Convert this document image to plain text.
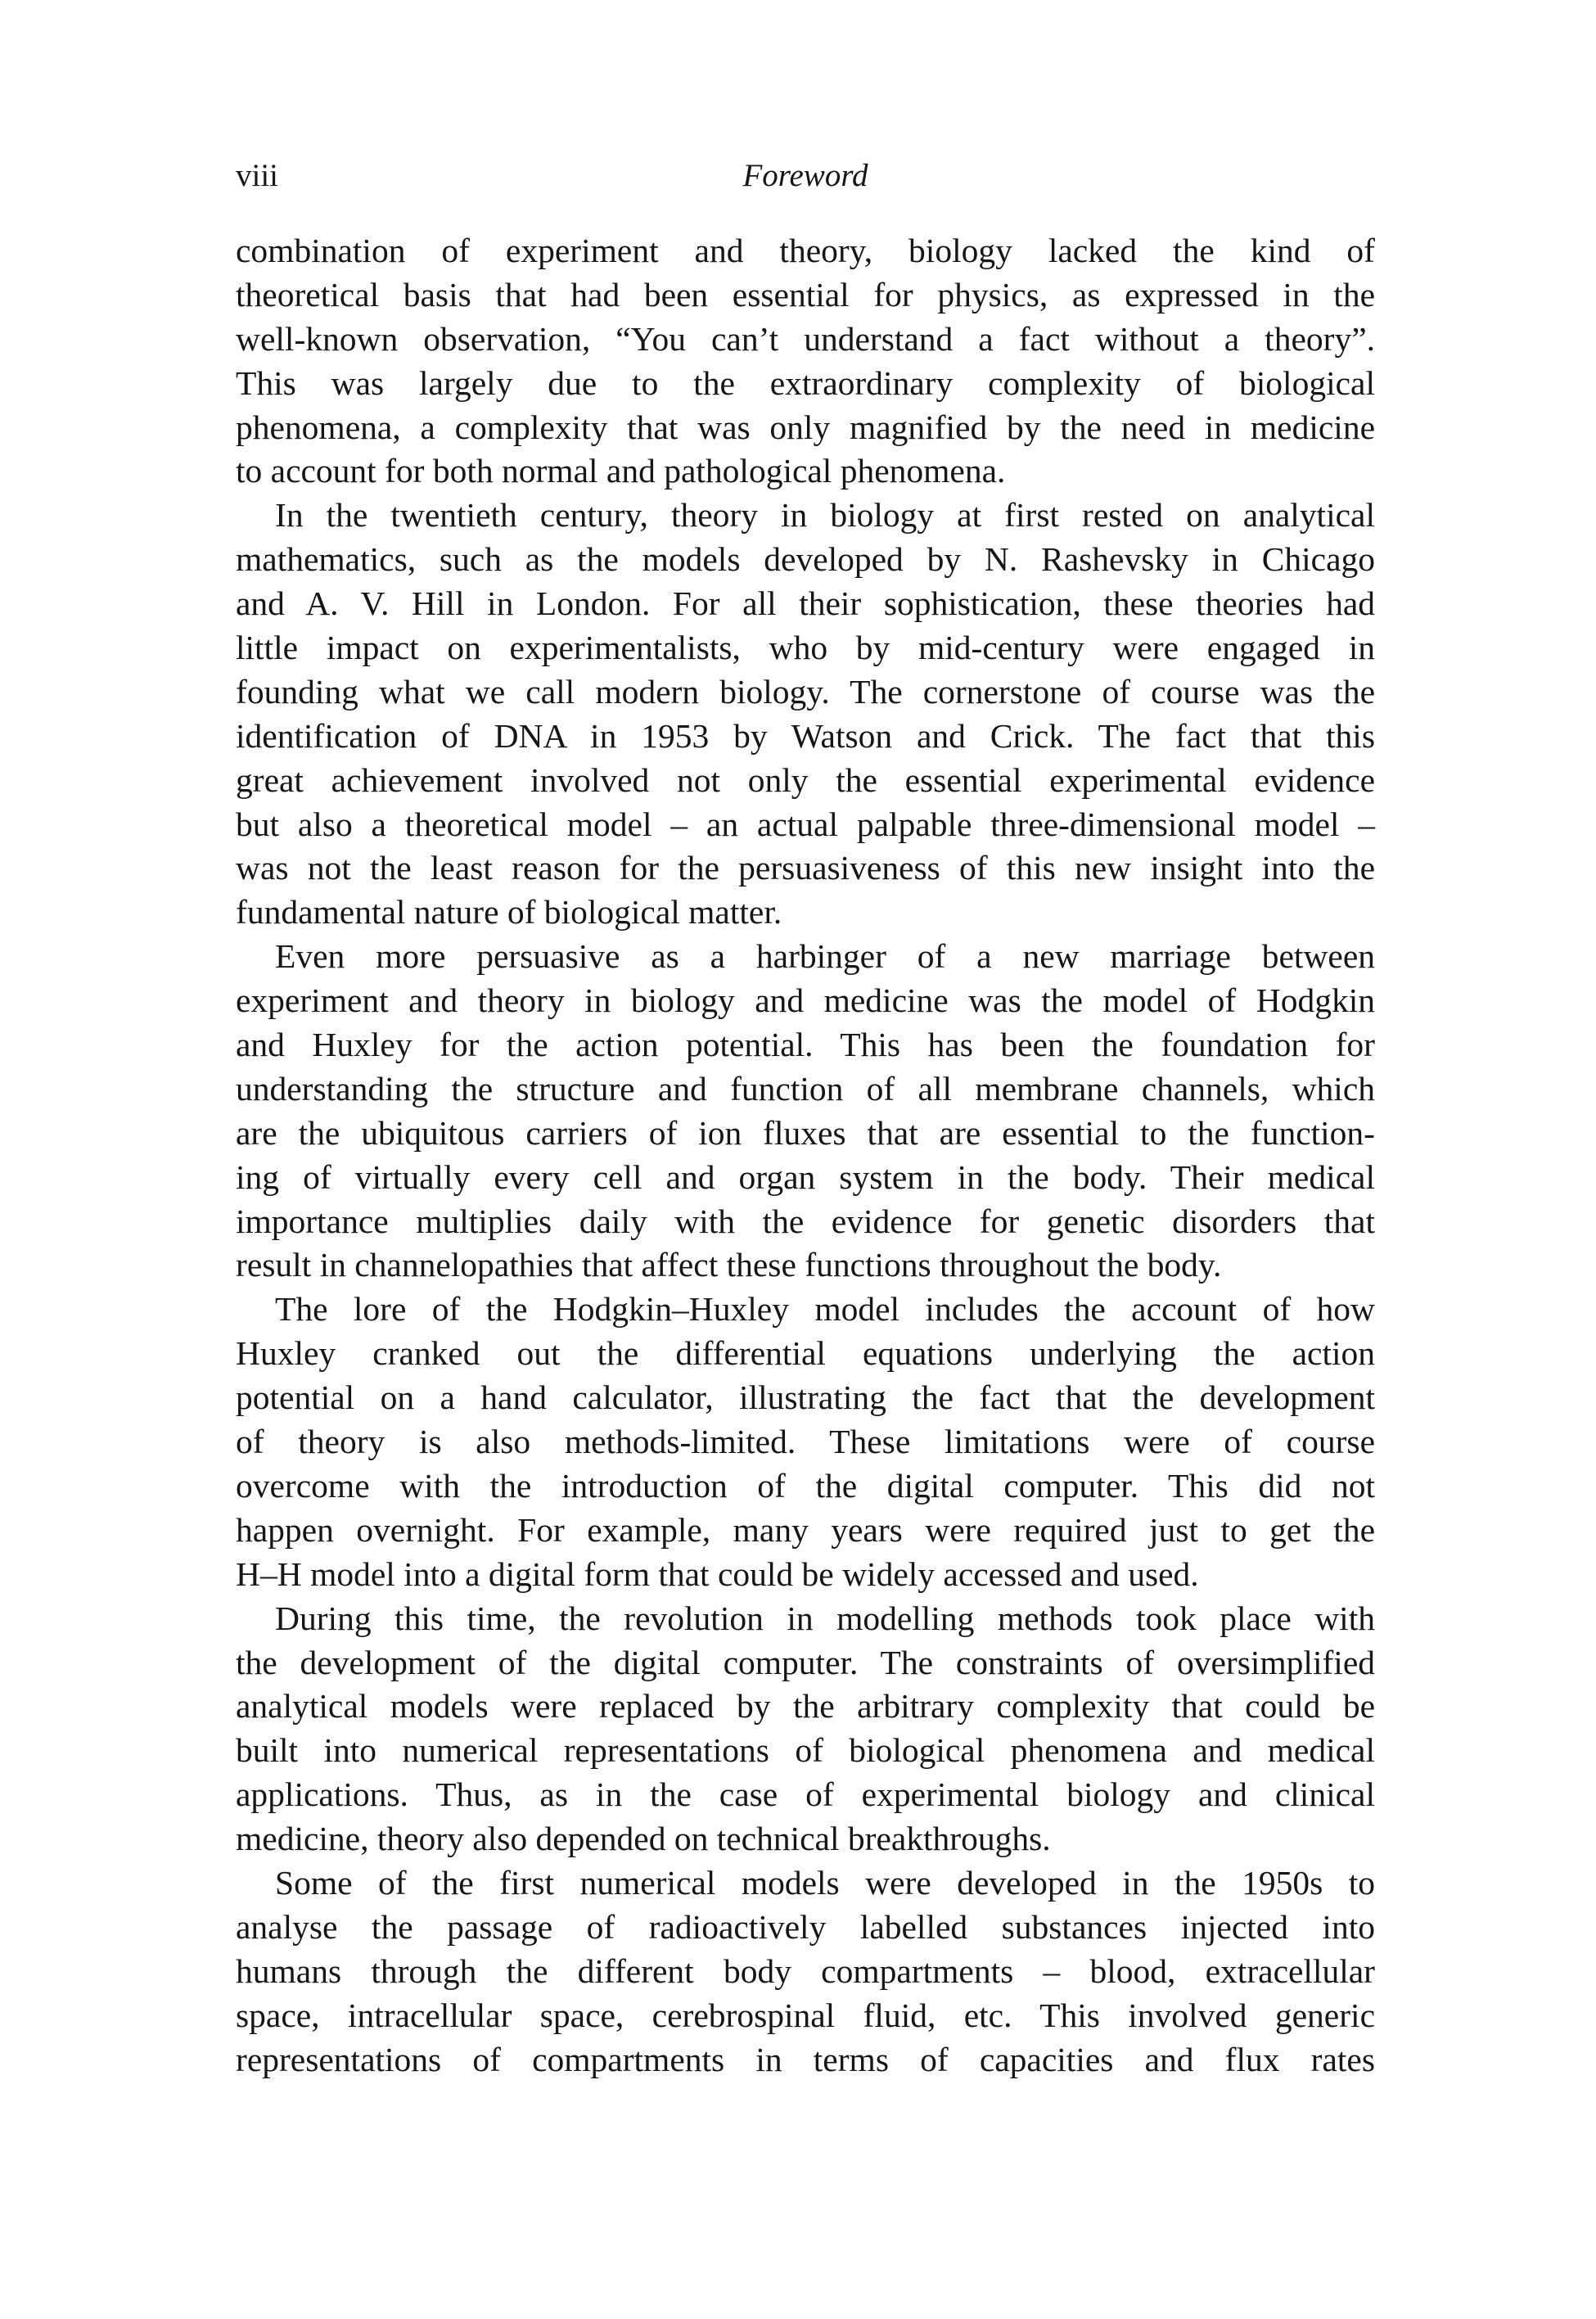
viii	Foreword
combination of experiment and theory, biology lacked the kind of
theoretical basis that had been essential for physics, as expressed in the
well-known observation, “You can’t understand a fact without a theory”.
This was largely due to the extraordinary complexity of biological
phenomena, a complexity that was only magnified by the need in medicine
to account for both normal and pathological phenomena.
In the twentieth century, theory in biology at first rested on analytical
mathematics, such as the models developed by N. Rashevsky in Chicago
and A. V. Hill in London. For all their sophistication, these theories had
little impact on experimentalists, who by mid-century were engaged in
founding what we call modern biology. The cornerstone of course was the
identification of DNA in 1953 by Watson and Crick. The fact that this
great achievement involved not only the essential experimental evidence
but also a theoretical model – an actual palpable three-dimensional model –
was not the least reason for the persuasiveness of this new insight into the
fundamental nature of biological matter.
Even more persuasive as a harbinger of a new marriage between
experiment and theory in biology and medicine was the model of Hodgkin
and Huxley for the action potential. This has been the foundation for
understanding the structure and function of all membrane channels, which
are the ubiquitous carriers of ion fluxes that are essential to the function-
ing of virtually every cell and organ system in the body. Their medical
importance multiplies daily with the evidence for genetic disorders that
result in channelopathies that affect these functions throughout the body.
The lore of the Hodgkin–Huxley model includes the account of how
Huxley cranked out the differential equations underlying the action
potential on a hand calculator, illustrating the fact that the development
of theory is also methods-limited. These limitations were of course
overcome with the introduction of the digital computer. This did not
happen overnight. For example, many years were required just to get the
H–H model into a digital form that could be widely accessed and used.
During this time, the revolution in modelling methods took place with
the development of the digital computer. The constraints of oversimplified
analytical models were replaced by the arbitrary complexity that could be
built into numerical representations of biological phenomena and medical
applications. Thus, as in the case of experimental biology and clinical
medicine, theory also depended on technical breakthroughs.
Some of the first numerical models were developed in the 1950s to
analyse the passage of radioactively labelled substances injected into
humans through the different body compartments – blood, extracellular
space, intracellular space, cerebrospinal fluid, etc. This involved generic
representations of compartments in terms of capacities and flux rates
